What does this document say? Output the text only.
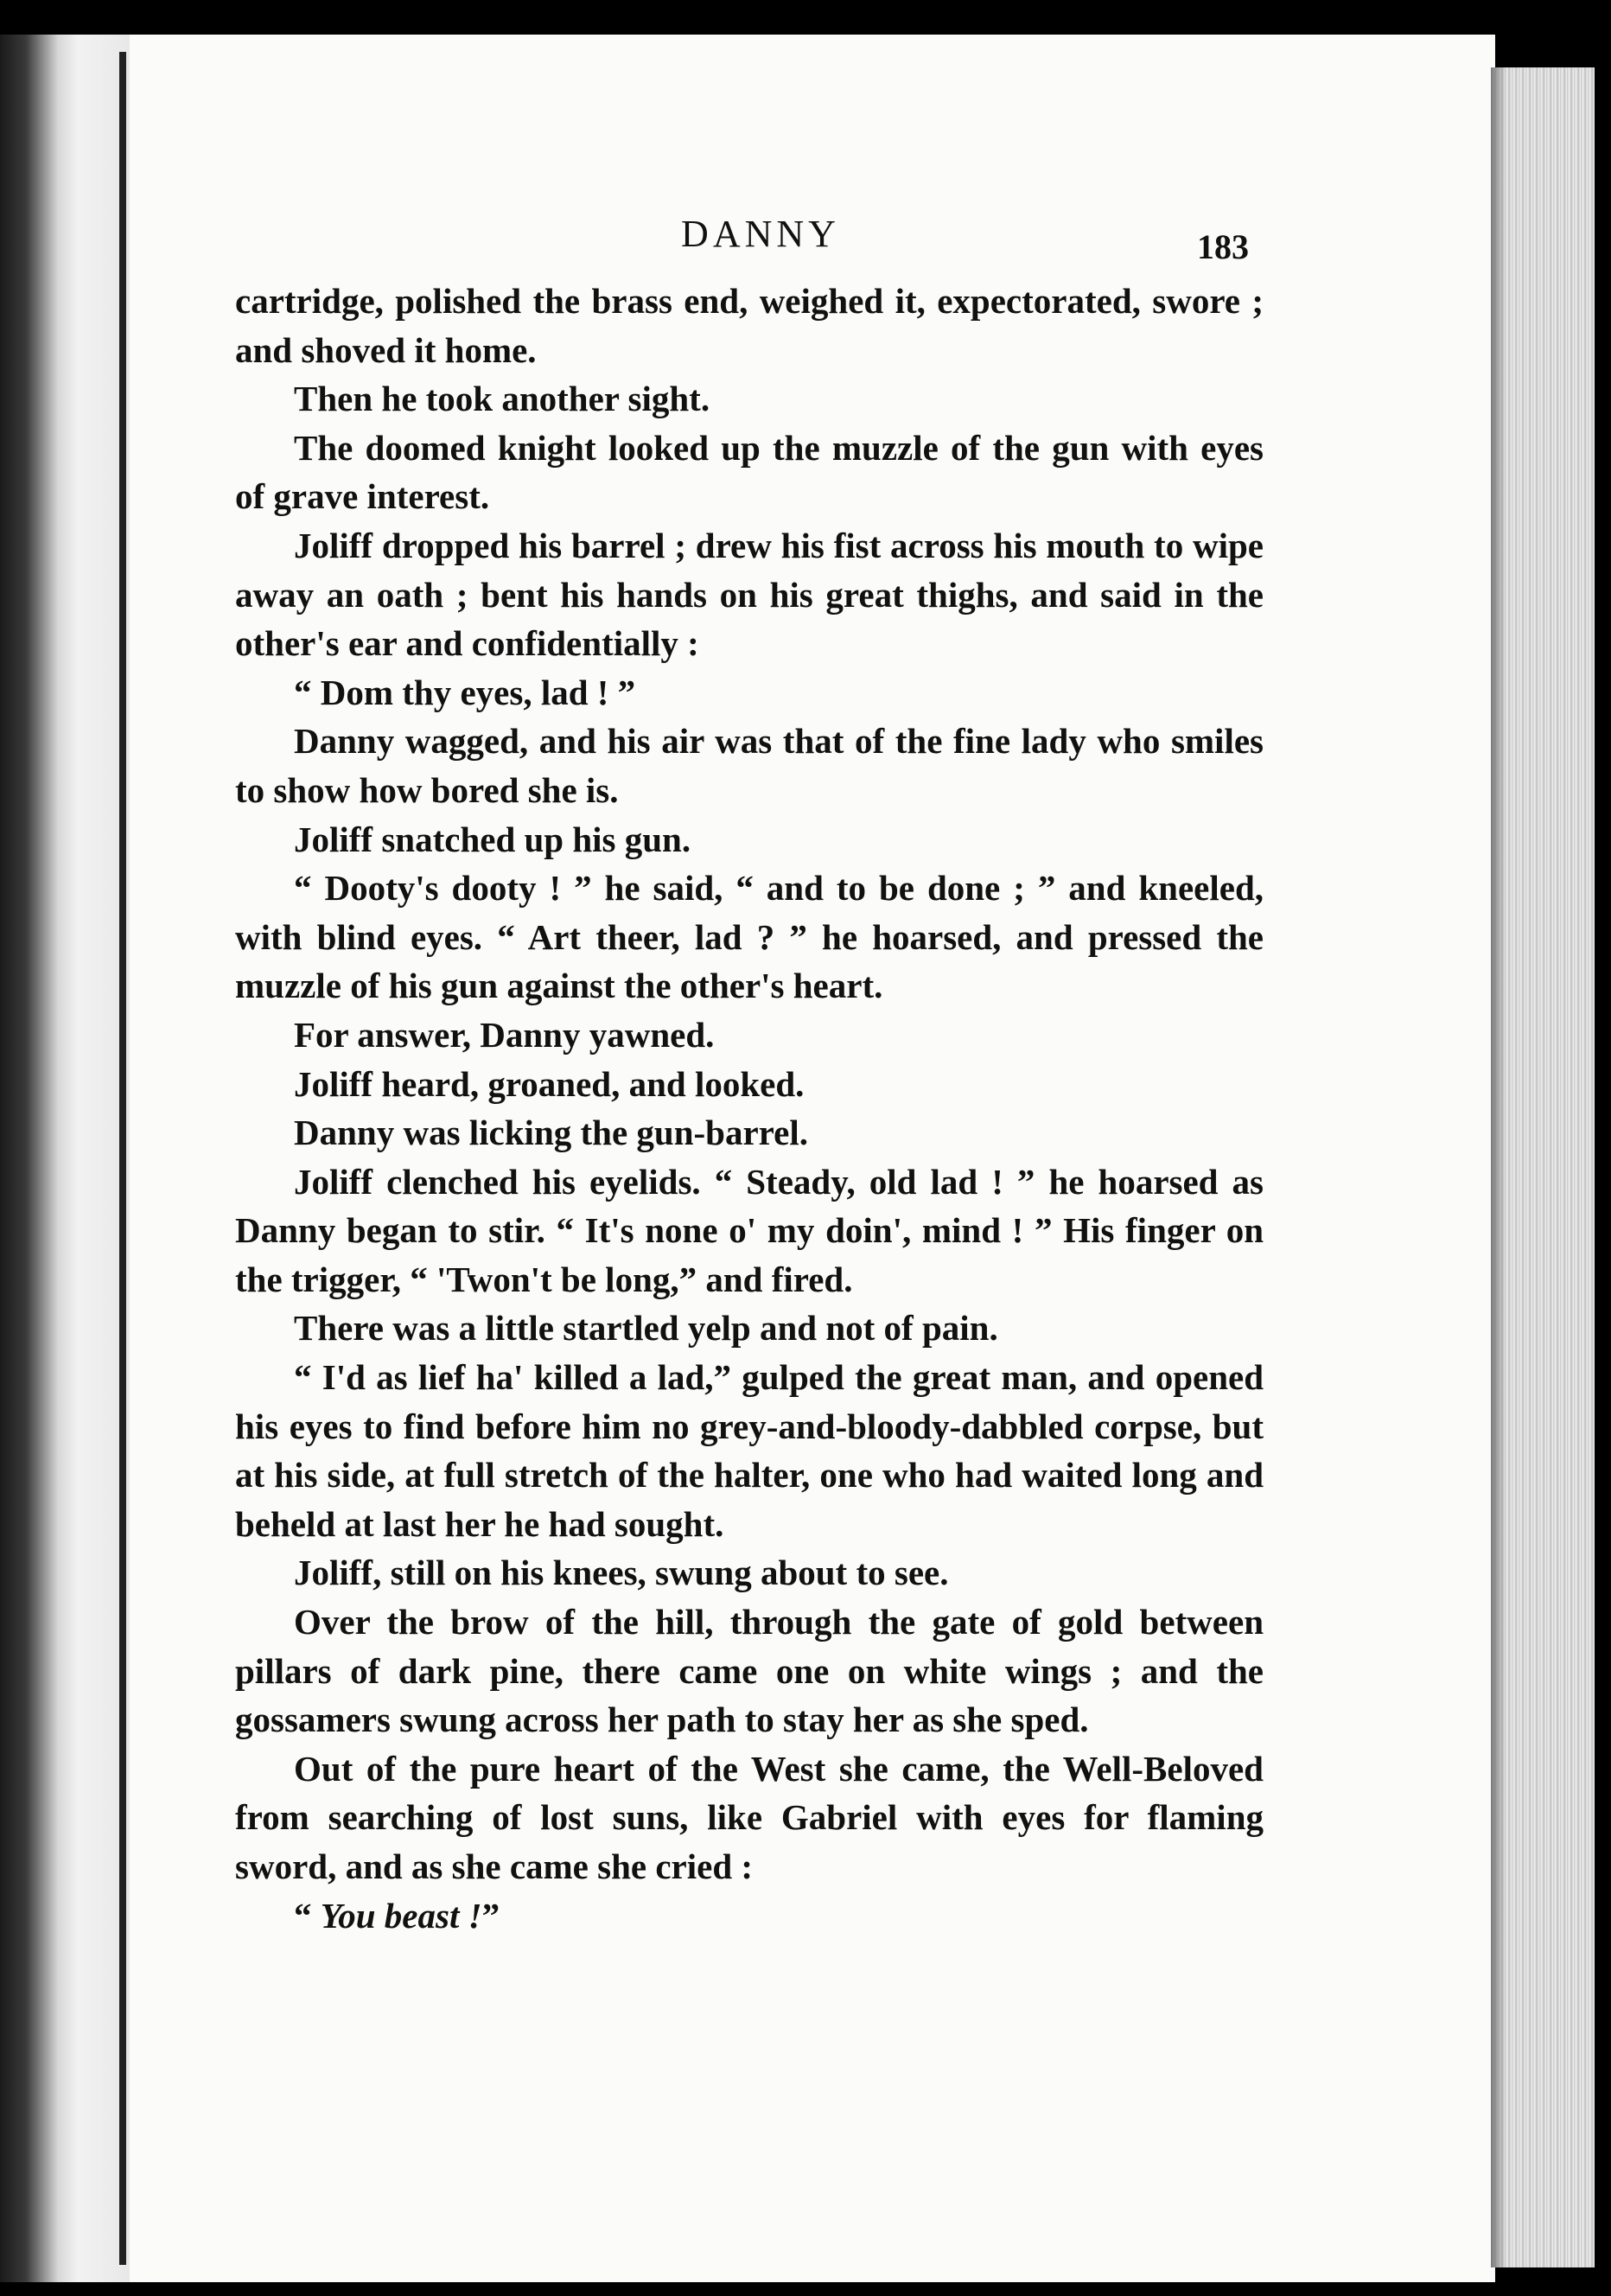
DANNY	183

cartridge, polished the brass end, weighed it, expectorated, swore ; and shoved it home.

Then he took another sight.

The doomed knight looked up the muzzle of the gun with eyes of grave interest.

Joliff dropped his barrel ; drew his fist across his mouth to wipe away an oath ; bent his hands on his great thighs, and said in the other's ear and confidentially :

“ Dom thy eyes, lad ! ”

Danny wagged, and his air was that of the fine lady who smiles to show how bored she is.

Joliff snatched up his gun.

“ Dooty's dooty ! ” he said, “ and to be done ; ” and kneeled, with blind eyes. “ Art theer, lad ? ” he hoarsed, and pressed the muzzle of his gun against the other's heart.

For answer, Danny yawned.

Joliff heard, groaned, and looked.

Danny was licking the gun-barrel.

Joliff clenched his eyelids. “ Steady, old lad ! ” he hoarsed as Danny began to stir. “ It's none o' my doin', mind ! ” His finger on the trigger, “ 'Twon't be long,” and fired.

There was a little startled yelp and not of pain.

“ I'd as lief ha' killed a lad,” gulped the great man, and opened his eyes to find before him no grey-and-bloody-dabbled corpse, but at his side, at full stretch of the halter, one who had waited long and beheld at last her he had sought.

Joliff, still on his knees, swung about to see.

Over the brow of the hill, through the gate of gold between pillars of dark pine, there came one on white wings ; and the gossamers swung across her path to stay her as she sped.

Out of the pure heart of the West she came, the Well-Beloved from searching of lost suns, like Gabriel with eyes for flaming sword, and as she came she cried :

“ You beast !”
